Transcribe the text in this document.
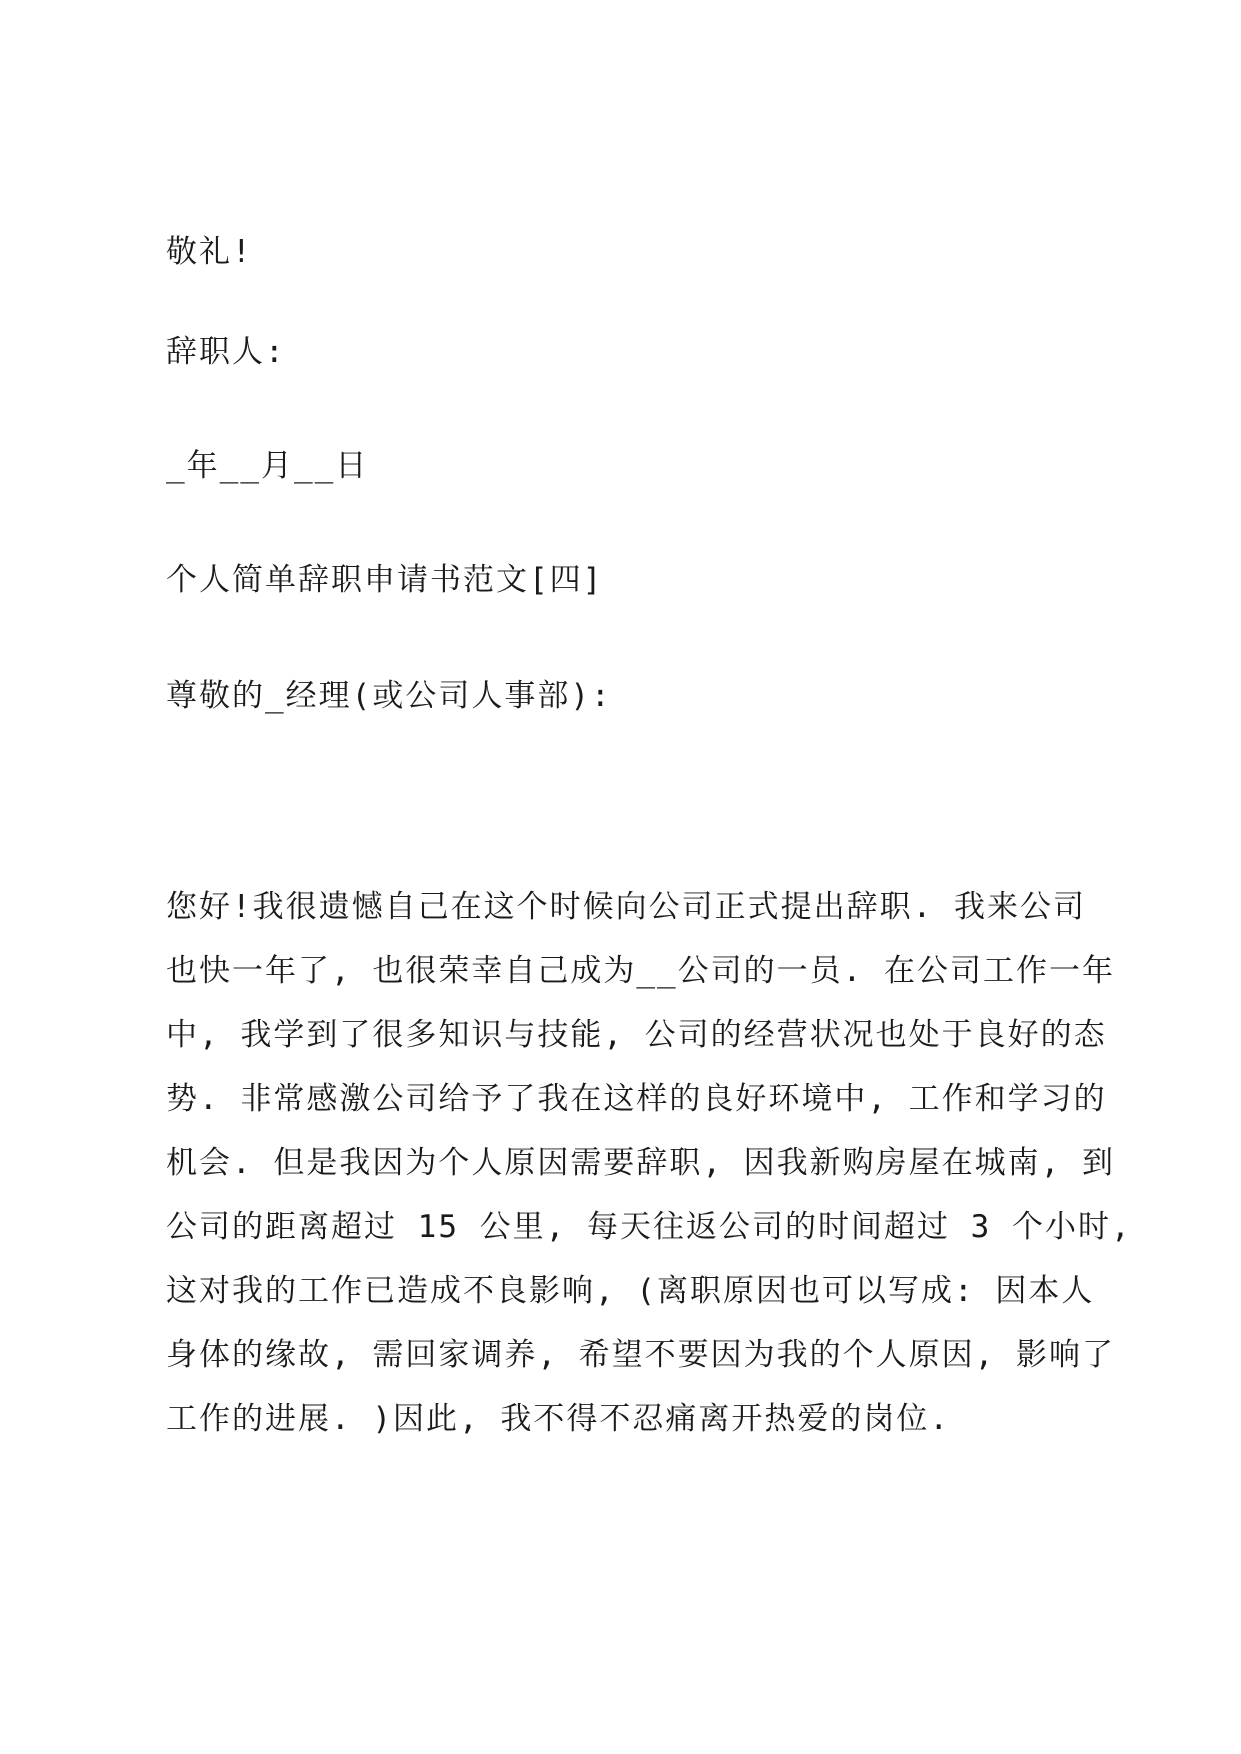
敬礼!
辞职人:
_年__月__日
个人简单辞职申请书范文[四]
尊敬的_经理(或公司人事部):
您好!我很遗憾自己在这个时候向公司正式提出辞职. 我来公司
也快一年了, 也很荣幸自己成为__公司的一员. 在公司工作一年
中, 我学到了很多知识与技能, 公司的经营状况也处于良好的态
势. 非常感激公司给予了我在这样的良好环境中, 工作和学习的
机会. 但是我因为个人原因需要辞职, 因我新购房屋在城南, 到
公司的距离超过 15 公里, 每天往返公司的时间超过 3 个小时,
这对我的工作已造成不良影响, (离职原因也可以写成: 因本人
身体的缘故, 需回家调养, 希望不要因为我的个人原因, 影响了
工作的进展. )因此, 我不得不忍痛离开热爱的岗位.
